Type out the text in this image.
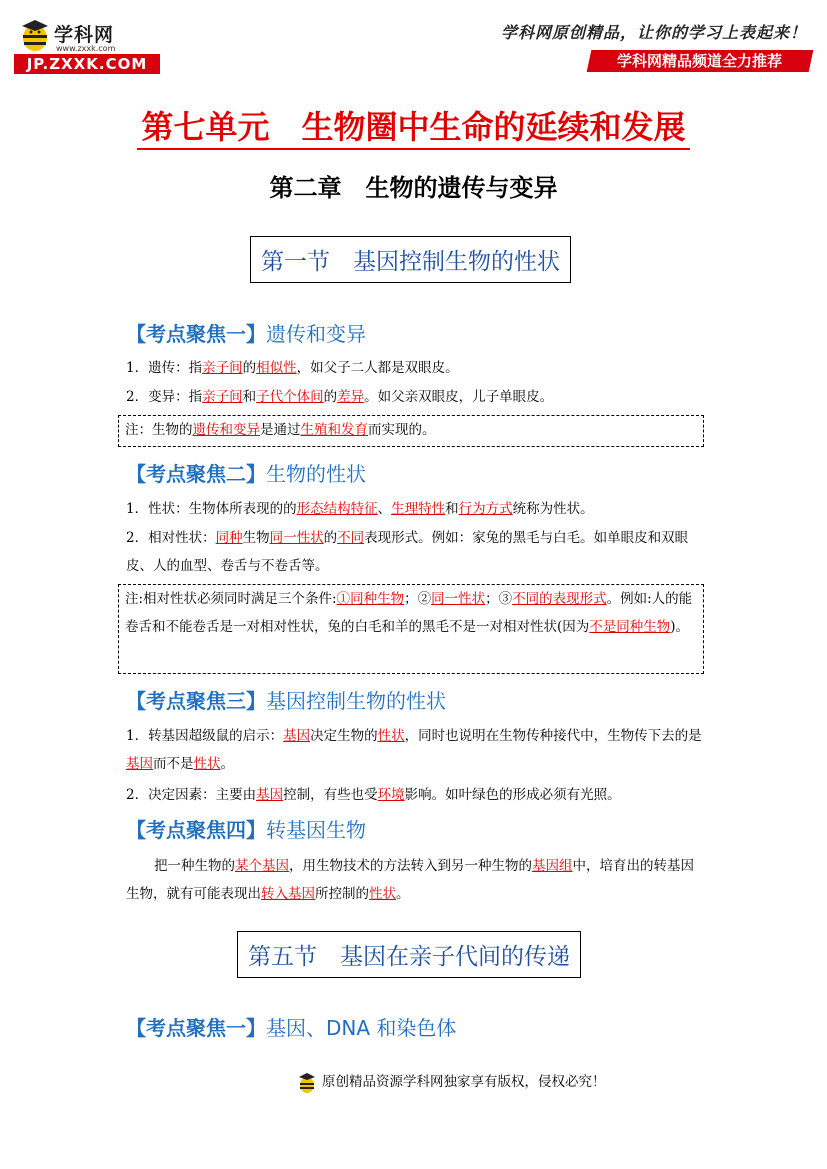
学科网
www.zxxk.com
JP.ZXXK.COM
学科网原创精品，让你的学习上表起来！
学科网精品频道全力推荐
第七单元　生物圈中生命的延续和发展
第二章　生物的遗传与变异
第一节　基因控制生物的性状
【考点聚焦一】遗传和变异
1．遗传：指亲子间的相似性，如父子二人都是双眼皮。
2．变异：指亲子间和子代个体间的差异。如父亲双眼皮，儿子单眼皮。
注：生物的遗传和变异是通过生殖和发育而实现的。
【考点聚焦二】生物的性状
1．性状：生物体所表现的的形态结构特征、生理特性和行为方式统称为性状。
2．相对性状：同种生物同一性状的不同表现形式。例如：家兔的黑毛与白毛。如单眼皮和双眼皮、人的血型、卷舌与不卷舌等。
注:相对性状必须同时满足三个条件:①同种生物；②同一性状；③不同的表现形式。例如:人的能卷舌和不能卷舌是一对相对性状，兔的白毛和羊的黑毛不是一对相对性状(因为不是同种生物)。
【考点聚焦三】基因控制生物的性状
1．转基因超级鼠的启示：基因决定生物的性状，同时也说明在生物传种接代中，生物传下去的是基因而不是性状。
2．决定因素：主要由基因控制，有些也受环境影响。如叶绿色的形成必须有光照。
【考点聚焦四】转基因生物
把一种生物的某个基因，用生物技术的方法转入到另一种生物的基因组中，培育出的转基因生物，就有可能表现出转入基因所控制的性状。
第五节　基因在亲子代间的传递
【考点聚焦一】基因、DNA 和染色体
原创精品资源学科网独家享有版权，侵权必究！
